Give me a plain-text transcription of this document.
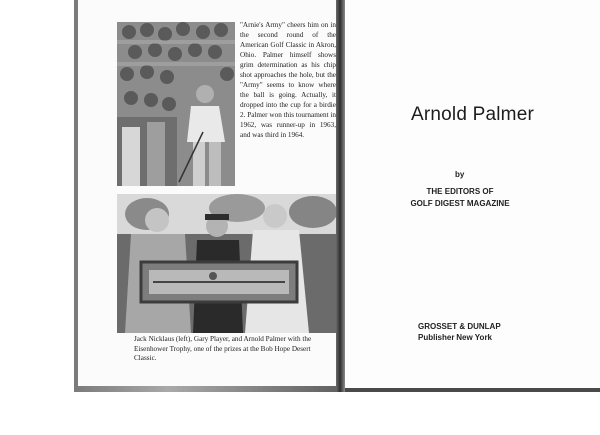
"Arnie's Army" cheers him on in the second round of the American Golf Classic in Akron, Ohio. Palmer himself shows grim determination as his chip shot approaches the hole, but the "Army" seems to know where the ball is going. Actually, it dropped into the cup for a birdie 2. Palmer won this tournament in 1962, was runner-up in 1963, and was third in 1964.
Jack Nicklaus (left), Gary Player, and Arnold Palmer with the Eisenhower Trophy, one of the prizes at the Bob Hope Desert Classic.
Arnold Palmer
by
THE EDITORS OF
GOLF DIGEST MAGAZINE
GROSSET & DUNLAP
Publisher New York
